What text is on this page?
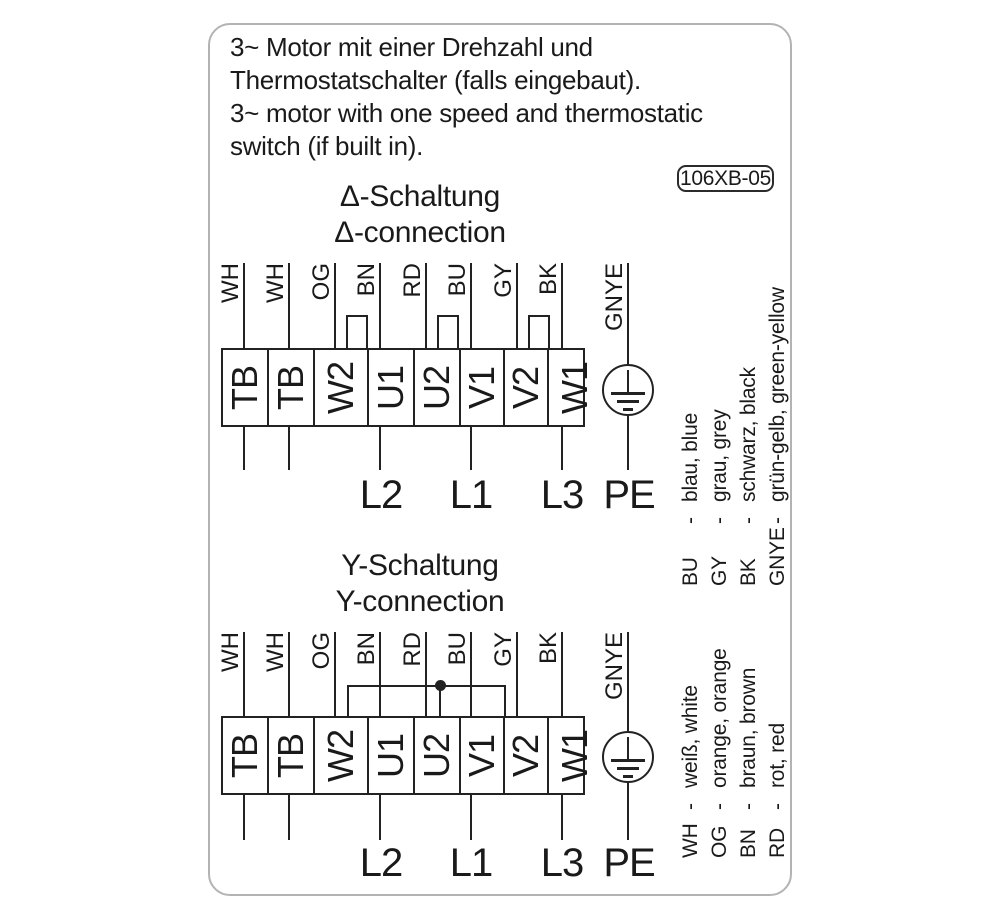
3~ Motor mit einer Drehzahl und
Thermostatschalter (falls eingebaut).
3~ motor with one speed and thermostatic
switch (if built in).
106XB-05
Δ-Schaltung
Δ-connection
WH WH OG BN RD BU GY BK GNYE
TB TB W2 U1 U2 V1 V2 W1
L2 L1 L3 PE
Y-Schaltung
Y-connection
WH WH OG BN RD BU GY BK GNYE
TB TB W2 U1 U2 V1 V2 W1
L2 L1 L3 PE
BU
-
blau, blue
GY
-
grau, grey
BK
-
schwarz, black
GNYE
-
grün-gelb, green-yellow
WH
-
weiß, white
OG
-
orange, orange
BN
-
braun, brown
RD
-
rot, red
